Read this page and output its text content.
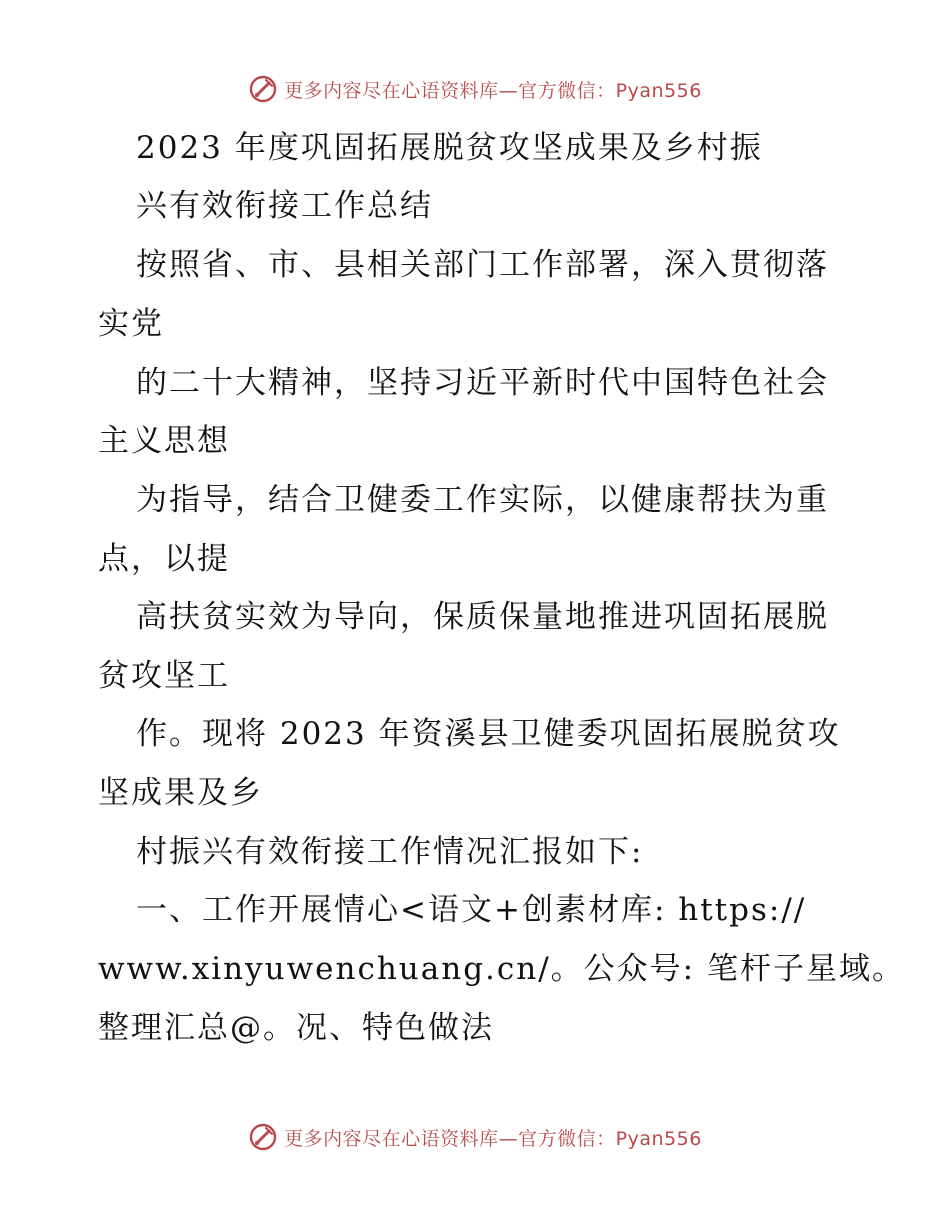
更多内容尽在心语资料库—官方微信：Pyan556
2023 年度巩固拓展脱贫攻坚成果及乡村振
兴有效衔接工作总结
按照省、市、县相关部门工作部署，深入贯彻落
实党
的二十大精神，坚持习近平新时代中国特色社会
主义思想
为指导，结合卫健委工作实际，以健康帮扶为重
点，以提
高扶贫实效为导向，保质保量地推进巩固拓展脱
贫攻坚工
作。现将 2023 年资溪县卫健委巩固拓展脱贫攻
坚成果及乡
村振兴有效衔接工作情况汇报如下:
一、工作开展情心<语文+创素材库: https://
www.xinyuwenchuang.cn/。公众号: 笔杆子星域。
整理汇总@。况、特色做法
更多内容尽在心语资料库—官方微信：Pyan556
